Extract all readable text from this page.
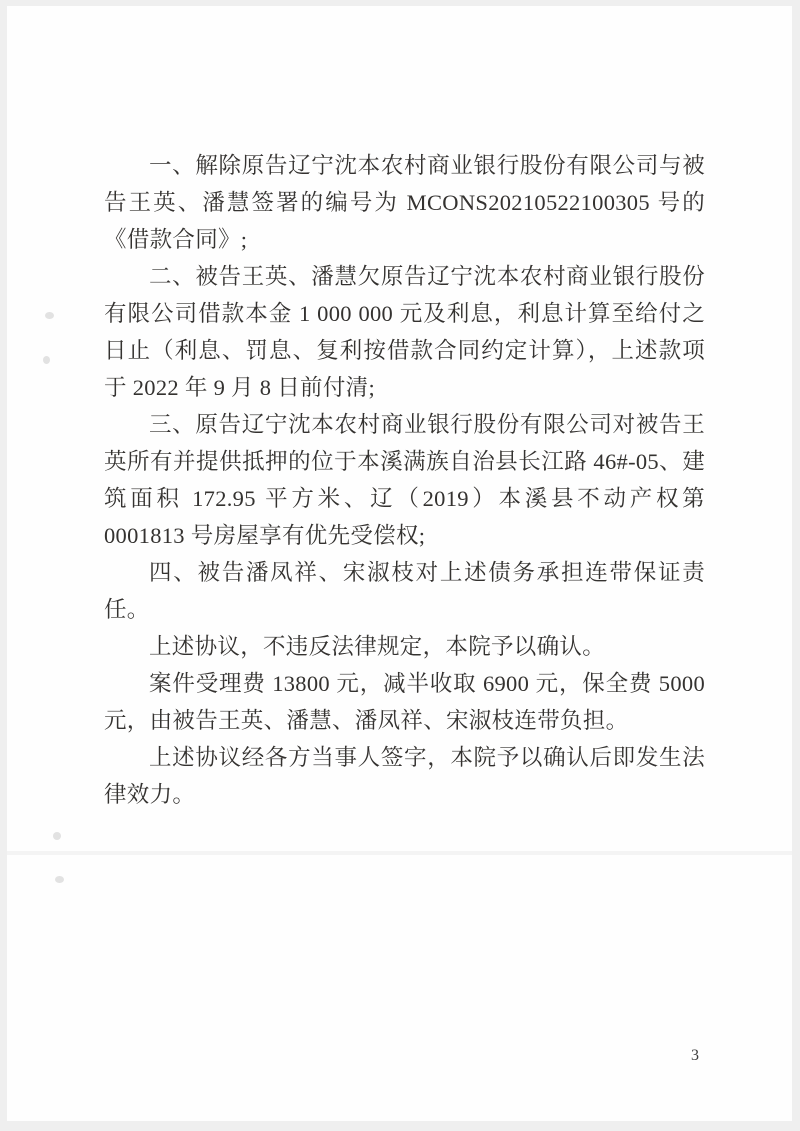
一、解除原告辽宁沈本农村商业银行股份有限公司与被告王英、潘慧签署的编号为 MCONS20210522100305 号的《借款合同》;

二、被告王英、潘慧欠原告辽宁沈本农村商业银行股份有限公司借款本金 1 000 000 元及利息，利息计算至给付之日止（利息、罚息、复利按借款合同约定计算），上述款项于 2022 年 9 月 8 日前付清;

三、原告辽宁沈本农村商业银行股份有限公司对被告王英所有并提供抵押的位于本溪满族自治县长江路 46#-05、建筑面积 172.95 平方米、辽（2019）本溪县不动产权第 0001813 号房屋享有优先受偿权;

四、被告潘凤祥、宋淑枝对上述债务承担连带保证责任。

上述协议，不违反法律规定，本院予以确认。

案件受理费 13800 元，减半收取 6900 元，保全费 5000 元，由被告王英、潘慧、潘凤祥、宋淑枝连带负担。

上述协议经各方当事人签字，本院予以确认后即发生法律效力。

3
